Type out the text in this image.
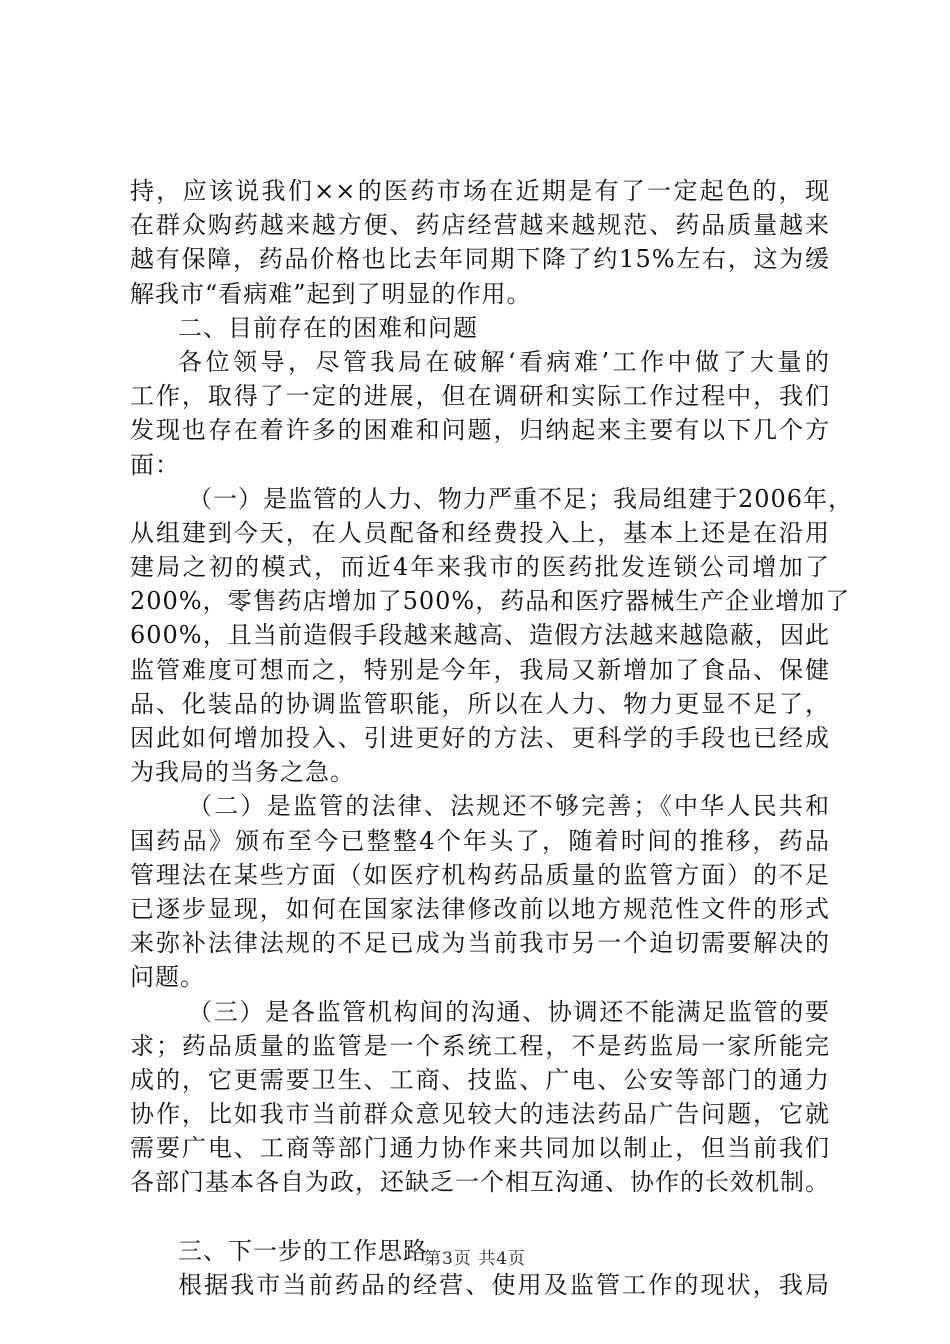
持，应该说我们××的医药市场在近期是有了一定起色的，现
在群众购药越来越方便、药店经营越来越规范、药品质量越来
越有保障，药品价格也比去年同期下降了约15%左右，这为缓
解我市“看病难”起到了明显的作用。
二、目前存在的困难和问题
各位领导，尽管我局在破解‘看病难’工作中做了大量的
工作，取得了一定的进展，但在调研和实际工作过程中，我们
发现也存在着许多的困难和问题，归纳起来主要有以下几个方
面：
（一）是监管的人力、物力严重不足；我局组建于2006年，
从组建到今天，在人员配备和经费投入上，基本上还是在沿用
建局之初的模式，而近4年来我市的医药批发连锁公司增加了
200%，零售药店增加了500%，药品和医疗器械生产企业增加了
600%，且当前造假手段越来越高、造假方法越来越隐蔽，因此
监管难度可想而之，特别是今年，我局又新增加了食品、保健
品、化装品的协调监管职能，所以在人力、物力更显不足了，
因此如何增加投入、引进更好的方法、更科学的手段也已经成
为我局的当务之急。
（二）是监管的法律、法规还不够完善；《中华人民共和
国药品》颁布至今已整整4个年头了，随着时间的推移，药品
管理法在某些方面（如医疗机构药品质量的监管方面）的不足
已逐步显现，如何在国家法律修改前以地方规范性文件的形式
来弥补法律法规的不足已成为当前我市另一个迫切需要解决的
问题。
（三）是各监管机构间的沟通、协调还不能满足监管的要
求；药品质量的监管是一个系统工程，不是药监局一家所能完
成的，它更需要卫生、工商、技监、广电、公安等部门的通力
协作，比如我市当前群众意见较大的违法药品广告问题，它就
需要广电、工商等部门通力协作来共同加以制止，但当前我们
各部门基本各自为政，还缺乏一个相互沟通、协作的长效机制。
三、下一步的工作思路
根据我市当前药品的经营、使用及监管工作的现状，我局
第3页 共4页
